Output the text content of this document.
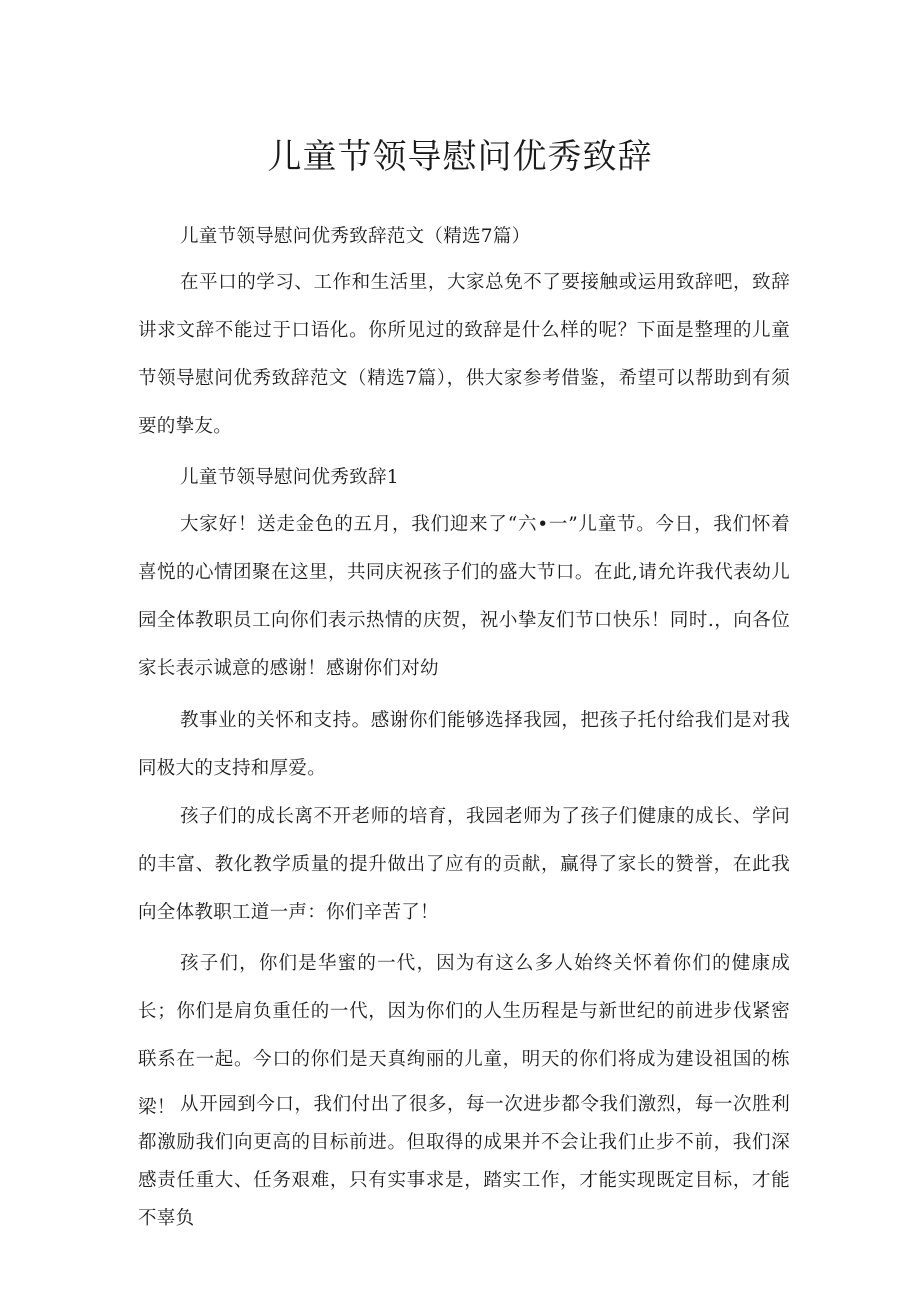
儿童节领导慰问优秀致辞

儿童节领导慰问优秀致辞范文（精选7篇）

在平口的学习、工作和生活里，大家总免不了要接触或运用致辞吧，致辞讲求文辞不能过于口语化。你所见过的致辞是什么样的呢？下面是整理的儿童节领导慰问优秀致辞范文（精选7篇），供大家参考借鉴，希望可以帮助到有须要的挚友。

儿童节领导慰问优秀致辞1

大家好！送走金色的五月，我们迎来了“六•一”儿童节。今日，我们怀着喜悦的心情团聚在这里，共同庆祝孩子们的盛大节口。在此,请允许我代表幼儿园全体教职员工向你们表示热情的庆贺，祝小挚友们节口快乐！同时.，向各位家长表示诚意的感谢！感谢你们对幼

教事业的关怀和支持。感谢你们能够选择我园，把孩子托付给我们是对我同极大的支持和厚爱。

孩子们的成长离不开老师的培育，我园老师为了孩子们健康的成长、学问的丰富、教化教学质量的提升做出了应有的贡献，赢得了家长的赞誉，在此我向全体教职工道一声：你们辛苦了！

孩子们，你们是华蜜的一代，因为有这么多人始终关怀着你们的健康成长；你们是肩负重任的一代，因为你们的人生历程是与新世纪的前进步伐紧密联系在一起。今口的你们是天真绚丽的儿童，明天的你们将成为建设祖国的栋梁！ 从开园到今口，我们付出了很多，每一次进步都令我们激烈，每一次胜利都激励我们向更高的目标前进。但取得的成果并不会让我们止步不前，我们深感责任重大、任务艰难，只有实事求是，踏实工作，才能实现既定目标，才能不辜负
